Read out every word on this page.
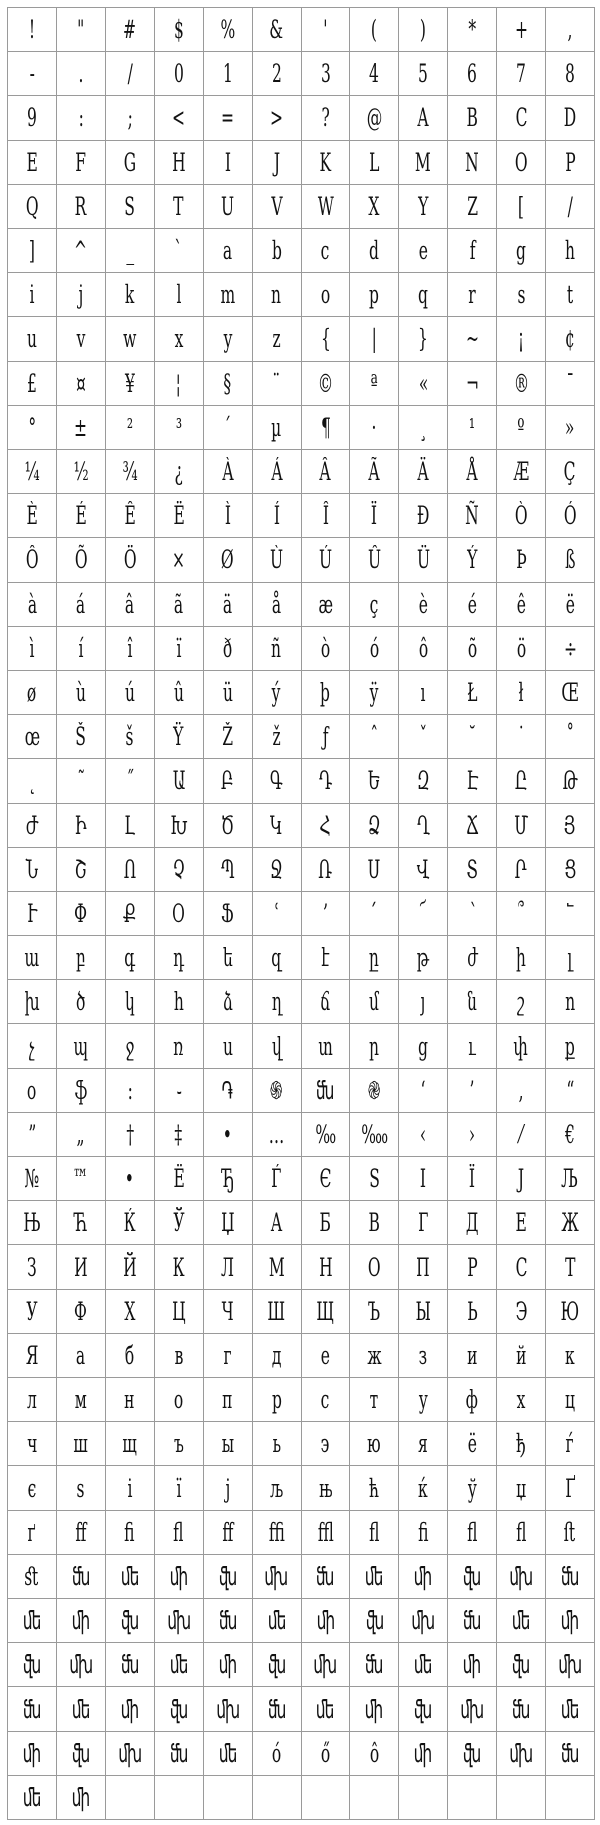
! " # $ % & ' ( ) * + ,
- . / 0 1 2 3 4 5 6 7 8
9 : ; < = > ? @ A B C D
E F G H I J K L M N O P
Q R S T U V W X Y Z [ /
] ^ _ ` a b c d e f g h
i j k l m n o p q r s t
u v w x y z { | } ~ ¡ ¢
£ ¤ ¥ ¦ § ¨ © ª « ¬ ® ¯
° ± ² ³ ´ µ ¶ · ¸ ¹ º »
¼ ½ ¾ ¿ À Á Â Ã Ä Å Æ Ç
È É Ê Ë Ì Í Î Ï Ð Ñ Ò Ó
Ô Õ Ö × Ø Ù Ú Û Ü Ý Þ ß
à á â ã ä å æ ç è é ê ë
ì í î ï ð ñ ò ó ô õ ö ÷
ø ù ú û ü ý þ ÿ ı Ł ł Œ
œ Š š Ÿ Ž ž ƒ ˆ ˇ ˘ ˙ ˚
˛ ˜ ˝ Ա Բ Գ Դ Ե Զ Է Ը Թ
Ժ Ի Լ Խ Ծ Կ Հ Ձ Ղ Ճ Մ Յ
Ն Շ Ո Չ Պ Ջ Ռ Ս Վ Տ Ր Ց
Ւ Փ Ք Օ Ֆ ՙ ՚ ՛ ՜ ՝ ՞ ՟
ա բ գ դ ե զ է ը թ ժ ի լ
խ ծ կ հ ձ ղ ճ մ յ ն շ ո
չ պ ջ ռ ս վ տ ր ց ւ փ ք
օ ֆ ։ ֊ ֏ ֍ ﬓ ֎ ‘ ’ ‚ “
” „ † ‡ • … ‰ ‱ ‹ › ⁄ €
№ ™ • Ё Ђ Ѓ Є Ѕ І Ї Ј Љ
Њ Ћ Ќ Ў Џ А Б В Г Д Е Ж
З И Й К Л М Н О П Р С Т
У Ф Х Ц Ч Ш Щ Ъ Ы Ь Э Ю
Я а б в г д е ж з и й к
л м н о п р с т у ф х ц
ч ш щ ъ ы ь э ю я ё ђ ѓ
є ѕ і ї ј љ њ ћ ќ ў џ Ґ
ґ ﬀ ﬁ ﬂ ﬀ ﬃ ﬄ ﬂ ﬁ ﬂ ﬂ ﬅ
ﬆ ﬓ ﬔ ﬕ ﬖ ﬗ ﬓ ﬔ ﬕ ﬖ ﬗ ﬓ
ﬔ ﬕ ﬖ ﬗ ﬓ ﬔ ﬕ ﬖ ﬗ ﬓ ﬔ ﬕ
ﬖ ﬗ ﬓ ﬔ ﬕ ﬖ ﬗ ﬓ ﬔ ﬕ ﬖ ﬗ
ﬓ ﬔ ﬕ ﬖ ﬗ ﬓ ﬔ ﬕ ﬖ ﬗ ﬓ ﬔ
ﬕ ﬖ ﬗ ﬓ ﬔ ó ő ô ﬕ ﬖ ﬗ ﬓ
ﬔ ﬕ
